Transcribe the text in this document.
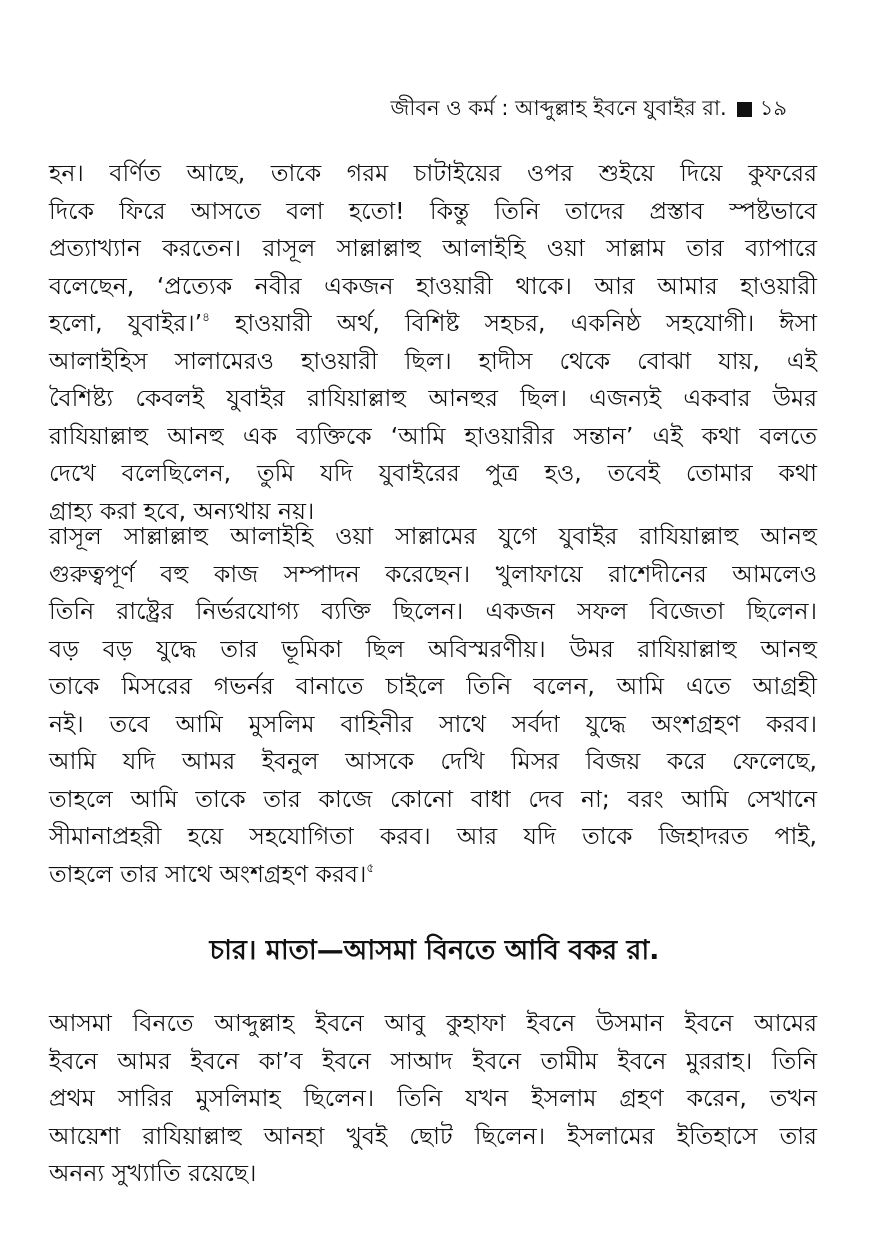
জীবন ও কর্ম : আব্দুল্লাহ ইবনে যুবাইর রা. ১৯
হন। বর্ণিত আছে, তাকে গরম চাটাইয়ের ওপর শুইয়ে দিয়ে কুফরের
দিকে ফিরে আসতে বলা হতো! কিন্তু তিনি তাদের প্রস্তাব স্পষ্টভাবে
প্রত্যাখ্যান করতেন। রাসূল সাল্লাল্লাহু আলাইহি ওয়া সাল্লাম তার ব্যাপারে
বলেছেন, ‘প্রত্যেক নবীর একজন হাওয়ারী থাকে। আর আমার হাওয়ারী
হলো, যুবাইর।’$^৪$ হাওয়ারী অর্থ, বিশিষ্ট সহচর, একনিষ্ঠ সহযোগী। ঈসা
আলাইহিস সালামেরও হাওয়ারী ছিল। হাদীস থেকে বোঝা যায়, এই
বৈশিষ্ট্য কেবলই যুবাইর রাযিয়াল্লাহু আনহুর ছিল। এজন্যই একবার উমর
রাযিয়াল্লাহু আনহু এক ব্যক্তিকে ‘আমি হাওয়ারীর সন্তান’ এই কথা বলতে
দেখে বলেছিলেন, তুমি যদি যুবাইরের পুত্র হও, তবেই তোমার কথা
গ্রাহ্য করা হবে, অন্যথায় নয়।
রাসূল সাল্লাল্লাহু আলাইহি ওয়া সাল্লামের যুগে যুবাইর রাযিয়াল্লাহু আনহু
গুরুত্বপূর্ণ বহু কাজ সম্পাদন করেছেন। খুলাফায়ে রাশেদীনের আমলেও
তিনি রাষ্ট্রের নির্ভরযোগ্য ব্যক্তি ছিলেন। একজন সফল বিজেতা ছিলেন।
বড় বড় যুদ্ধে তার ভূমিকা ছিল অবিস্মরণীয়। উমর রাযিয়াল্লাহু আনহু
তাকে মিসরের গভর্নর বানাতে চাইলে তিনি বলেন, আমি এতে আগ্রহী
নই। তবে আমি মুসলিম বাহিনীর সাথে সর্বদা যুদ্ধে অংশগ্রহণ করব।
আমি যদি আমর ইবনুল আসকে দেখি মিসর বিজয় করে ফেলেছে,
তাহলে আমি তাকে তার কাজে কোনো বাধা দেব না; বরং আমি সেখানে
সীমানাপ্রহরী হয়ে সহযোগিতা করব। আর যদি তাকে জিহাদরত পাই,
তাহলে তার সাথে অংশগ্রহণ করব।$^৫$
চার। মাতা—আসমা বিনতে আবি বকর রা.
আসমা বিনতে আব্দুল্লাহ ইবনে আবু কুহাফা ইবনে উসমান ইবনে আমের
ইবনে আমর ইবনে কা’ব ইবনে সাআদ ইবনে তামীম ইবনে মুররাহ। তিনি
প্রথম সারির মুসলিমাহ ছিলেন। তিনি যখন ইসলাম গ্রহণ করেন, তখন
আয়েশা রাযিয়াল্লাহু আনহা খুবই ছোট ছিলেন। ইসলামের ইতিহাসে তার
অনন্য সুখ্যাতি রয়েছে।
